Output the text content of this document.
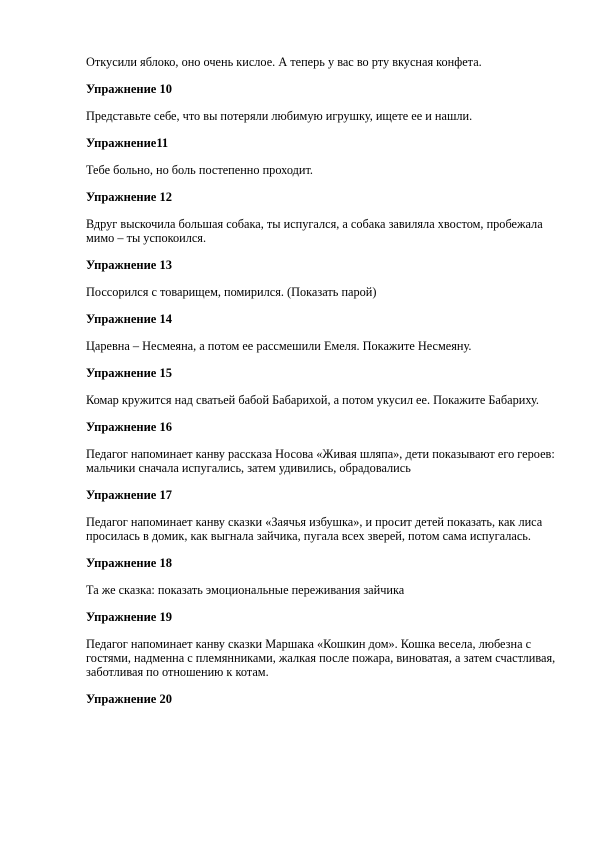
Откусили яблоко, оно очень кислое. А теперь у вас во рту вкусная конфета.

Упражнение 10

Представьте себе, что вы потеряли любимую игрушку, ищете ее и нашли.

Упражнение11

Тебе больно, но боль постепенно проходит.

Упражнение 12

Вдруг выскочила большая собака, ты испугался, а собака завиляла хвостом, пробежала мимо – ты успокоился.

Упражнение 13

Поссорился с товарищем, помирился. (Показать парой)

Упражнение 14

Царевна – Несмеяна, а потом ее рассмешили Емеля. Покажите Несмеяну.

Упражнение 15

Комар кружится над сватьей бабой Бабарихой, а потом укусил ее. Покажите Бабариху.

Упражнение 16

Педагог напоминает канву рассказа Носова «Живая шляпа», дети показывают его героев: мальчики сначала испугались, затем удивились, обрадовались

Упражнение 17

Педагог напоминает канву сказки «Заячья избушка», и просит детей показать, как лиса просилась в домик, как выгнала зайчика, пугала всех зверей, потом сама испугалась.

Упражнение 18

Та же сказка: показать эмоциональные переживания зайчика

Упражнение 19

Педагог напоминает канву сказки Маршака «Кошкин дом». Кошка весела, любезна с гостями, надменна с племянниками, жалкая после пожара, виноватая, а затем счастливая, заботливая по отношению к котам.

Упражнение 20
